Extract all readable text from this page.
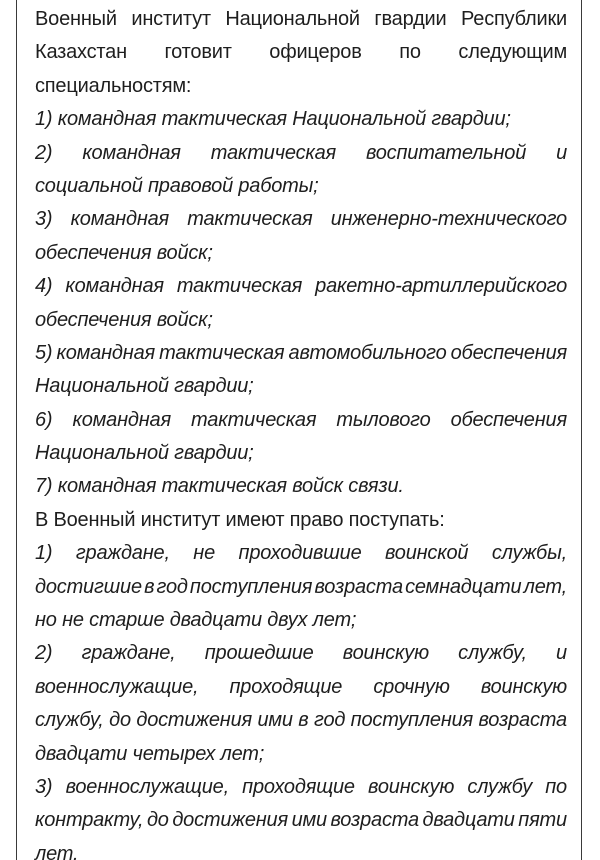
Военный институт Национальной гвардии Республики
Казахстан готовит офицеров по следующим
специальностям:
1) командная тактическая Национальной гвардии;
2) командная тактическая воспитательной и
социальной правовой работы;
3) командная тактическая инженерно-технического
обеспечения войск;
4) командная тактическая ракетно-артиллерийского
обеспечения войск;
5) командная тактическая автомобильного обеспечения
Национальной гвардии;
6) командная тактическая тылового обеспечения
Национальной гвардии;
7) командная тактическая войск связи.
В Военный институт имеют право поступать:
1) граждане, не проходившие воинской службы,
достигшие в год поступления возраста семнадцати лет,
но не старше двадцати двух лет;
2) граждане, прошедшие воинскую службу, и
военнослужащие, проходящие срочную воинскую
службу, до достижения ими в год поступления возраста
двадцати четырех лет;
3) военнослужащие, проходящие воинскую службу по
контракту, до достижения ими возраста двадцати пяти
лет.
